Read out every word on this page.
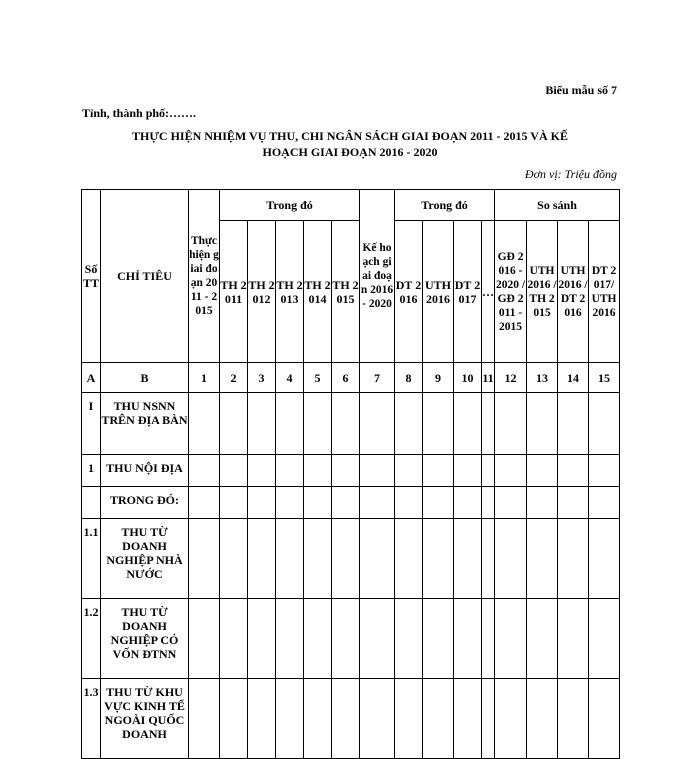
Biểu mẫu số 7
Tỉnh, thành phố:…….
THỰC HIỆN NHIỆM VỤ THU, CHI NGÂN SÁCH GIAI ĐOẠN 2011 - 2015 VÀ KẾ
HOẠCH GIAI ĐOẠN 2016 - 2020
Đơn vị: Triệu đồng
Số TT	CHỈ TIÊU	Thực hiện giai đoạn 2011 - 2015	Trong đó					Kế hoạch giai đoạn 2016 - 2020	Trong đó				So sánh			
			TH 2011	TH 2012	TH 2013	TH 2014	TH 2015		DT 2016	UTH 2016	DT 2017	…	GĐ 2016 - 2020 / GĐ 2011 - 2015	UTH 2016 / TH 2015	UTH 2016 / DT 2016	DT 2017/ UTH 2016
A	B	1	2	3	4	5	6	7	8	9	10	11	12	13	14	15
I	THU NSNN TRÊN ĐỊA BÀN															
1	THU NỘI ĐỊA															
	TRONG ĐÓ:															
1.1	THU TỪ DOANH NGHIỆP NHÀ NƯỚC															
1.2	THU TỪ DOANH NGHIỆP CÓ VỐN ĐTNN															
1.3	THU TỪ KHU VỰC KINH TẾ NGOÀI QUỐC DOANH															
